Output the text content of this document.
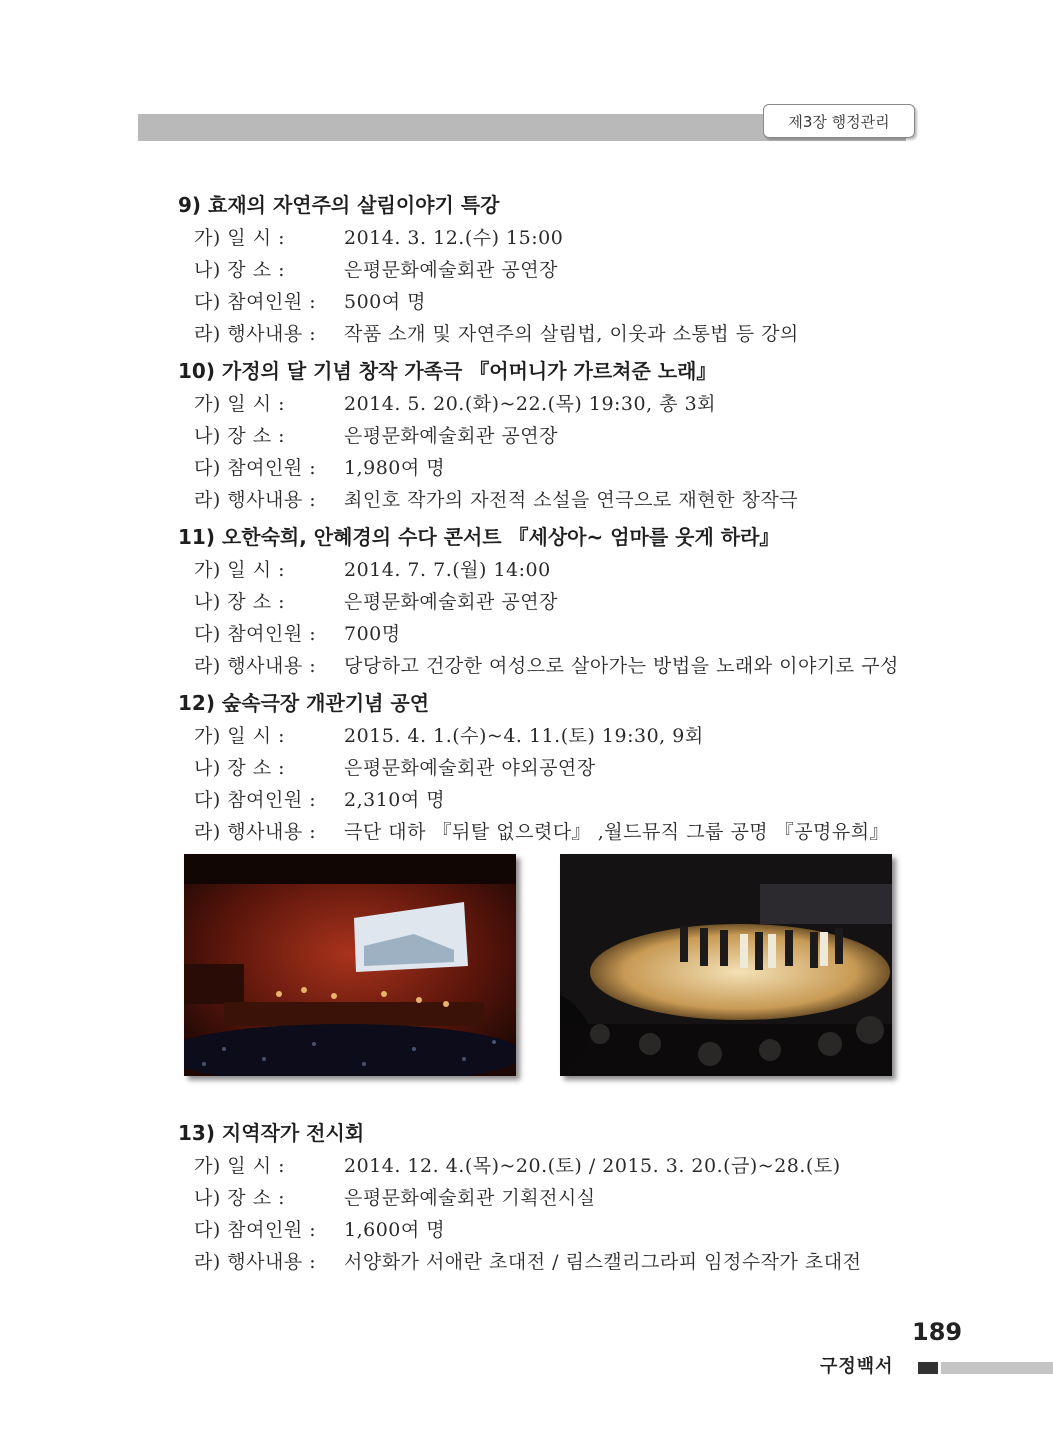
제3장 행정관리
9) 효재의 자연주의 살림이야기 특강
가) 일 시 :	2014. 3. 12.(수) 15:00
나) 장 소 :	은평문화예술회관 공연장
다) 참여인원 : 500여 명
라) 행사내용 : 작품 소개 및 자연주의 살림법, 이웃과 소통법 등 강의
10) 가정의 달 기념 창작 가족극 『어머니가 가르쳐준 노래』
가) 일 시 :	2014. 5. 20.(화)~22.(목) 19:30, 총 3회
나) 장 소 :	은평문화예술회관 공연장
다) 참여인원 : 1,980여 명
라) 행사내용 : 최인호 작가의 자전적 소설을 연극으로 재현한 창작극
11) 오한숙희, 안혜경의 수다 콘서트 『세상아~ 엄마를 웃게 하라』
가) 일 시 :	2014. 7. 7.(월) 14:00
나) 장 소 :	은평문화예술회관 공연장
다) 참여인원 : 700명
라) 행사내용 : 당당하고 건강한 여성으로 살아가는 방법을 노래와 이야기로 구성
12) 숲속극장 개관기념 공연
가) 일 시 :	2015. 4. 1.(수)~4. 11.(토) 19:30, 9회
나) 장 소 :	은평문화예술회관 야외공연장
다) 참여인원 : 2,310여 명
라) 행사내용 : 극단 대하 『뒤탈 없으렷다』 ,월드뮤직 그룹 공명 『공명유희』
13) 지역작가 전시회
가) 일 시 :	2014. 12. 4.(목)~20.(토) / 2015. 3. 20.(금)~28.(토)
나) 장 소 :	은평문화예술회관 기획전시실
다) 참여인원 : 1,600여 명
라) 행사내용 : 서양화가 서애란 초대전 / 림스캘리그라피 임정수작가 초대전
189
구정백서
